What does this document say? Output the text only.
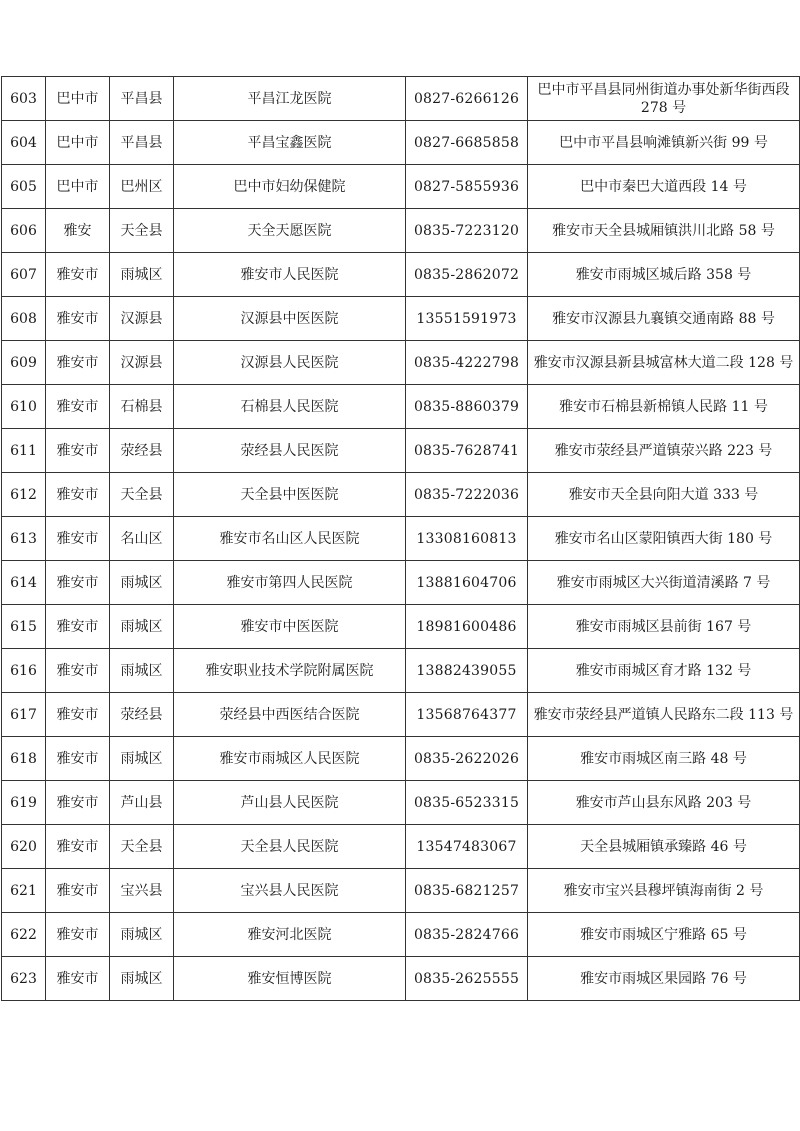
603	巴中市	平昌县	平昌江龙医院	0827-6266126	巴中市平昌县同州街道办事处新华街西段 278 号
604	巴中市	平昌县	平昌宝鑫医院	0827-6685858	巴中市平昌县响滩镇新兴街 99 号
605	巴中市	巴州区	巴中市妇幼保健院	0827-5855936	巴中市秦巴大道西段 14 号
606	雅安	天全县	天全天愿医院	0835-7223120	雅安市天全县城厢镇洪川北路 58 号
607	雅安市	雨城区	雅安市人民医院	0835-2862072	雅安市雨城区城后路 358 号
608	雅安市	汉源县	汉源县中医医院	13551591973	雅安市汉源县九襄镇交通南路 88 号
609	雅安市	汉源县	汉源县人民医院	0835-4222798	雅安市汉源县新县城富林大道二段 128 号
610	雅安市	石棉县	石棉县人民医院	0835-8860379	雅安市石棉县新棉镇人民路 11 号
611	雅安市	荥经县	荥经县人民医院	0835-7628741	雅安市荥经县严道镇荥兴路 223 号
612	雅安市	天全县	天全县中医医院	0835-7222036	雅安市天全县向阳大道 333 号
613	雅安市	名山区	雅安市名山区人民医院	13308160813	雅安市名山区蒙阳镇西大街 180 号
614	雅安市	雨城区	雅安市第四人民医院	13881604706	雅安市雨城区大兴街道清溪路 7 号
615	雅安市	雨城区	雅安市中医医院	18981600486	雅安市雨城区县前街 167 号
616	雅安市	雨城区	雅安职业技术学院附属医院	13882439055	雅安市雨城区育才路 132 号
617	雅安市	荥经县	荥经县中西医结合医院	13568764377	雅安市荥经县严道镇人民路东二段 113 号
618	雅安市	雨城区	雅安市雨城区人民医院	0835-2622026	雅安市雨城区南三路 48 号
619	雅安市	芦山县	芦山县人民医院	0835-6523315	雅安市芦山县东风路 203 号
620	雅安市	天全县	天全县人民医院	13547483067	天全县城厢镇承臻路 46 号
621	雅安市	宝兴县	宝兴县人民医院	0835-6821257	雅安市宝兴县穆坪镇海南街 2 号
622	雅安市	雨城区	雅安河北医院	0835-2824766	雅安市雨城区宁雅路 65 号
623	雅安市	雨城区	雅安恒博医院	0835-2625555	雅安市雨城区果园路 76 号
